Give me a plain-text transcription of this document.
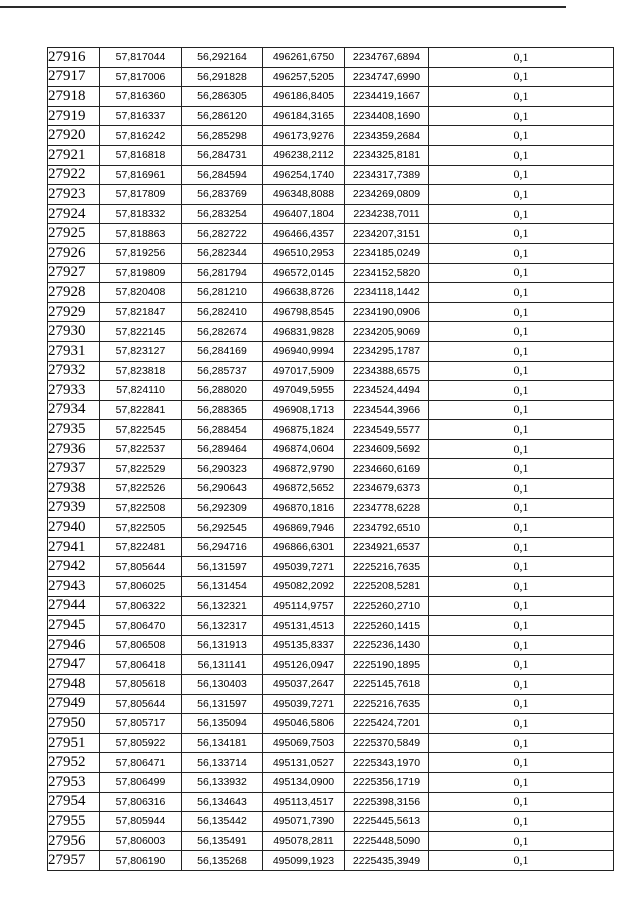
27916	57,817044	56,292164	496261,6750	2234767,6894	0,1
27917	57,817006	56,291828	496257,5205	2234747,6990	0,1
27918	57,816360	56,286305	496186,8405	2234419,1667	0,1
27919	57,816337	56,286120	496184,3165	2234408,1690	0,1
27920	57,816242	56,285298	496173,9276	2234359,2684	0,1
27921	57,816818	56,284731	496238,2112	2234325,8181	0,1
27922	57,816961	56,284594	496254,1740	2234317,7389	0,1
27923	57,817809	56,283769	496348,8088	2234269,0809	0,1
27924	57,818332	56,283254	496407,1804	2234238,7011	0,1
27925	57,818863	56,282722	496466,4357	2234207,3151	0,1
27926	57,819256	56,282344	496510,2953	2234185,0249	0,1
27927	57,819809	56,281794	496572,0145	2234152,5820	0,1
27928	57,820408	56,281210	496638,8726	2234118,1442	0,1
27929	57,821847	56,282410	496798,8545	2234190,0906	0,1
27930	57,822145	56,282674	496831,9828	2234205,9069	0,1
27931	57,823127	56,284169	496940,9994	2234295,1787	0,1
27932	57,823818	56,285737	497017,5909	2234388,6575	0,1
27933	57,824110	56,288020	497049,5955	2234524,4494	0,1
27934	57,822841	56,288365	496908,1713	2234544,3966	0,1
27935	57,822545	56,288454	496875,1824	2234549,5577	0,1
27936	57,822537	56,289464	496874,0604	2234609,5692	0,1
27937	57,822529	56,290323	496872,9790	2234660,6169	0,1
27938	57,822526	56,290643	496872,5652	2234679,6373	0,1
27939	57,822508	56,292309	496870,1816	2234778,6228	0,1
27940	57,822505	56,292545	496869,7946	2234792,6510	0,1
27941	57,822481	56,294716	496866,6301	2234921,6537	0,1
27942	57,805644	56,131597	495039,7271	2225216,7635	0,1
27943	57,806025	56,131454	495082,2092	2225208,5281	0,1
27944	57,806322	56,132321	495114,9757	2225260,2710	0,1
27945	57,806470	56,132317	495131,4513	2225260,1415	0,1
27946	57,806508	56,131913	495135,8337	2225236,1430	0,1
27947	57,806418	56,131141	495126,0947	2225190,1895	0,1
27948	57,805618	56,130403	495037,2647	2225145,7618	0,1
27949	57,805644	56,131597	495039,7271	2225216,7635	0,1
27950	57,805717	56,135094	495046,5806	2225424,7201	0,1
27951	57,805922	56,134181	495069,7503	2225370,5849	0,1
27952	57,806471	56,133714	495131,0527	2225343,1970	0,1
27953	57,806499	56,133932	495134,0900	2225356,1719	0,1
27954	57,806316	56,134643	495113,4517	2225398,3156	0,1
27955	57,805944	56,135442	495071,7390	2225445,5613	0,1
27956	57,806003	56,135491	495078,2811	2225448,5090	0,1
27957	57,806190	56,135268	495099,1923	2225435,3949	0,1
